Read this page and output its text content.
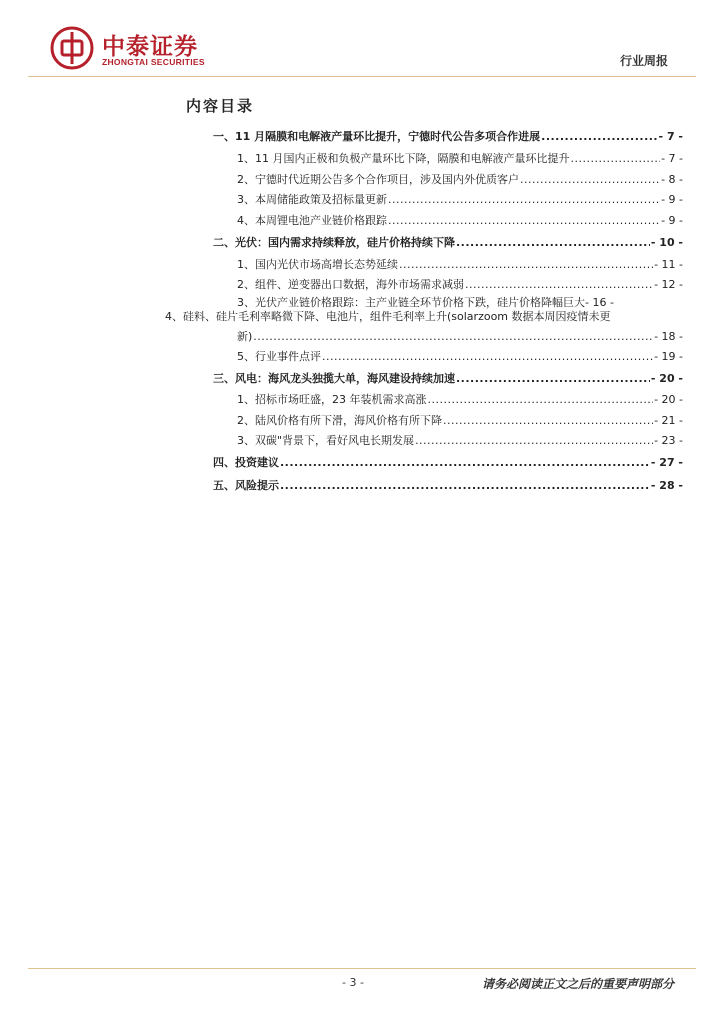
中泰证券
ZHONGTAI SECURITIES	行业周报
内容目录
一、11 月隔膜和电解液产量环比提升，宁德时代公告多项合作进展 .....	- 7 -
1、11 月国内正极和负极产量环比下降，隔膜和电解液产量环比提升 .....	- 7 -
2、宁德时代近期公告多个合作项目，涉及国内外优质客户 .....	- 8 -
3、本周储能政策及招标量更新 .....	- 9 -
4、本周锂电池产业链价格跟踪 .....	- 9 -
二、光伏：国内需求持续释放，硅片价格持续下降 .....	- 10 -
1、国内光伏市场高增长态势延续 .....	- 11 -
2、组件、逆变器出口数据，海外市场需求减弱 .....	- 12 -
3、光伏产业链价格跟踪：主产业链全环节价格下跌，硅片价格降幅巨大 - 16 -
4、硅料、硅片毛利率略微下降、电池片，组件毛利率上升(solarzoom 数据本周因疫情未更
新) .....	- 18 -
5、行业事件点评 .....	- 19 -
三、风电：海风龙头独揽大单，海风建设持续加速 .....	- 20 -
1、招标市场旺盛，23 年装机需求高涨 .....	- 20 -
2、陆风价格有所下滑，海风价格有所下降 .....	- 21 -
3、双碳"背景下，看好风电长期发展 .....	- 23 -
四、投资建议 .....	- 27 -
五、风险提示 .....	- 28 -
- 3 -	请务必阅读正文之后的重要声明部分
